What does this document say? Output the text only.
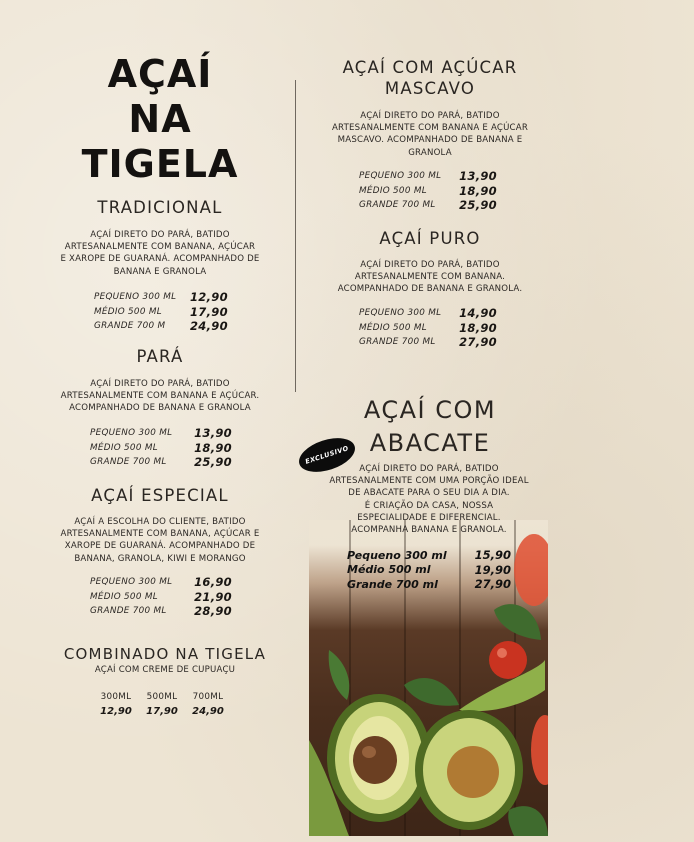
AÇAÍ
NA
TIGELA
TRADICIONAL
AÇAÍ DIRETO DO PARÁ, BATIDO
ARTESANALMENTE COM BANANA, AÇÚCAR
E XAROPE DE GUARANÁ. ACOMPANHADO DE
BANANA E GRANOLA
PEQUENO 300 ML	12,90
MÉDIO 500 ML	17,90
GRANDE 700 M	24,90
PARÁ
AÇAÍ DIRETO DO PARÁ, BATIDO
ARTESANALMENTE COM BANANA E AÇÚCAR.
ACOMPANHADO DE BANANA E GRANOLA
PEQUENO 300 ML	13,90
MÉDIO 500 ML	18,90
GRANDE 700 ML	25,90
AÇAÍ ESPECIAL
AÇAÍ A ESCOLHA DO CLIENTE, BATIDO
ARTESANALMENTE COM BANANA, AÇÚCAR E
XAROPE DE GUARANÁ. ACOMPANHADO DE
BANANA, GRANOLA, KIWI E MORANGO
PEQUENO 300 ML	16,90
MÉDIO 500 ML	21,90
GRANDE 700 ML	28,90
COMBINADO NA TIGELA
AÇAÍ COM CREME DE CUPUAÇU
300ML	500ML	700ML
12,90	17,90	24,90
AÇAÍ COM AÇÚCAR
MASCAVO
AÇAÍ DIRETO DO PARÁ, BATIDO
ARTESANALMENTE COM BANANA E AÇÚCAR
MASCAVO. ACOMPANHADO DE BANANA E
GRANOLA
PEQUENO 300 ML	13,90
MÉDIO 500 ML	18,90
GRANDE 700 ML	25,90
AÇAÍ PURO
AÇAÍ DIRETO DO PARÁ, BATIDO
ARTESANALMENTE COM BANANA.
ACOMPANHADO DE BANANA E GRANOLA.
PEQUENO 300 ML	14,90
MÉDIO 500 ML	18,90
GRANDE 700 ML	27,90
AÇAÍ COM
ABACATE
EXCLUSIVO
AÇAÍ DIRETO DO PARÁ, BATIDO
ARTESANALMENTE COM UMA PORÇÃO IDEAL
DE ABACATE PARA O SEU DIA A DIA.
É CRIAÇÃO DA CASA, NOSSA
ESPECIALIDADE E DIFERENCIAL.
ACOMPANHA BANANA E GRANOLA.
Pequeno 300 ml	15,90
Médio 500 ml	19,90
Grande 700 ml	27,90
